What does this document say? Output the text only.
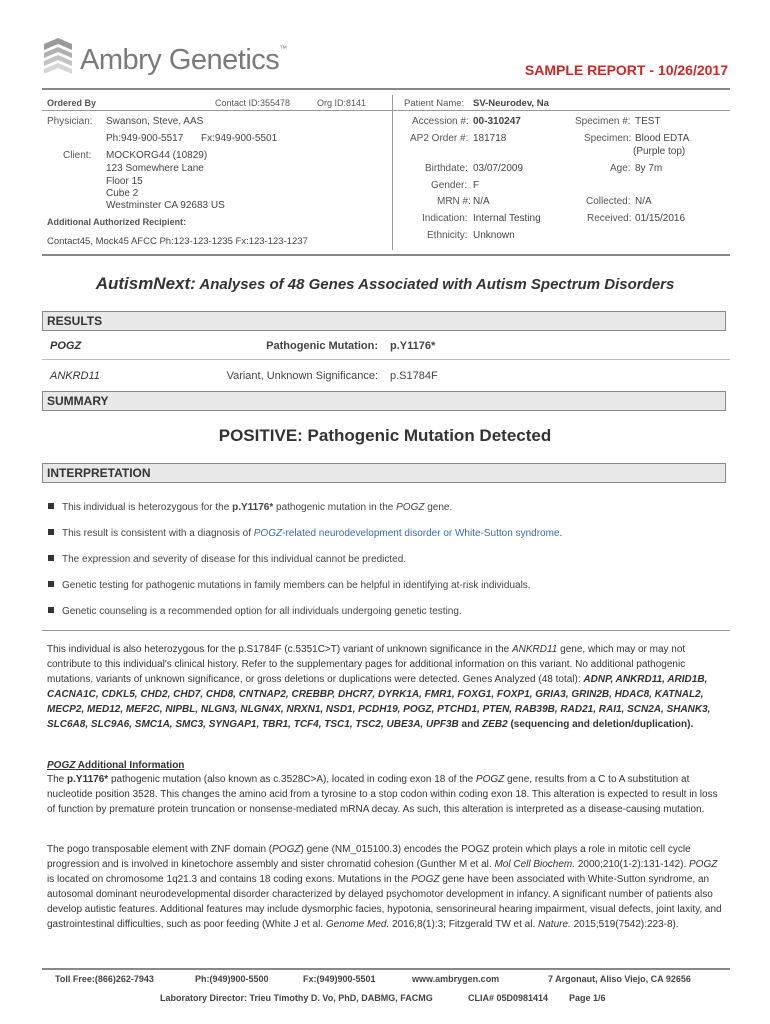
Ambry Genetics™
SAMPLE REPORT - 10/26/2017
Ordered By	Contact ID:355478	Org ID:8141
Physician: Swanson, Steve, AAS
Ph:949-900-5517 Fx:949-900-5501
Client: MOCKORG44 (10829)
123 Somewhere Lane
Floor 15
Cube 2
Westminster CA 92683 US
Additional Authorized Recipient:
Contact45, Mock45 AFCC Ph:123-123-1235 Fx:123-123-1237
Patient Name: SV-Neurodev, Na
Accession #: 00-310247	Specimen #: TEST
AP2 Order #: 181718	Specimen: Blood EDTA
(Purple top)
Birthdate: 03/07/2009	Age: 8y 7m
Gender: F
MRN #: N/A	Collected: N/A
Indication: Internal Testing	Received: 01/15/2016
Ethnicity: Unknown
AutismNext: Analyses of 48 Genes Associated with Autism Spectrum Disorders
RESULTS
POGZ	Pathogenic Mutation: p.Y1176*
ANKRD11	Variant, Unknown Significance: p.S1784F
SUMMARY
POSITIVE: Pathogenic Mutation Detected
INTERPRETATION
This individual is heterozygous for the p.Y1176* pathogenic mutation in the POGZ gene.
This result is consistent with a diagnosis of POGZ-related neurodevelopment disorder or White-Sutton syndrome.
The expression and severity of disease for this individual cannot be predicted.
Genetic testing for pathogenic mutations in family members can be helpful in identifying at-risk individuals.
Genetic counseling is a recommended option for all individuals undergoing genetic testing.
This individual is also heterozygous for the p.S1784F (c.5351C>T) variant of unknown significance in the ANKRD11 gene, which may or may not contribute to this individual's clinical history. Refer to the supplementary pages for additional information on this variant. No additional pathogenic mutations, variants of unknown significance, or gross deletions or duplications were detected. Genes Analyzed (48 total): ADNP, ANKRD11, ARID1B, CACNA1C, CDKL5, CHD2, CHD7, CHD8, CNTNAP2, CREBBP, DHCR7, DYRK1A, FMR1, FOXG1, FOXP1, GRIA3, GRIN2B, HDAC8, KATNAL2, MECP2, MED12, MEF2C, NIPBL, NLGN3, NLGN4X, NRXN1, NSD1, PCDH19, POGZ, PTCHD1, PTEN, RAB39B, RAD21, RAI1, SCN2A, SHANK3, SLC6A8, SLC9A6, SMC1A, SMC3, SYNGAP1, TBR1, TCF4, TSC1, TSC2, UBE3A, UPF3B and ZEB2 (sequencing and deletion/duplication).
POGZ Additional Information
The p.Y1176* pathogenic mutation (also known as c.3528C>A), located in coding exon 18 of the POGZ gene, results from a C to A substitution at nucleotide position 3528. This changes the amino acid from a tyrosine to a stop codon within coding exon 18. This alteration is expected to result in loss of function by premature protein truncation or nonsense-mediated mRNA decay. As such, this alteration is interpreted as a disease-causing mutation.
The pogo transposable element with ZNF domain (POGZ) gene (NM_015100.3) encodes the POGZ protein which plays a role in mitotic cell cycle progression and is involved in kinetochore assembly and sister chromatid cohesion (Gunther M et al. Mol Cell Biochem. 2000;210(1-2):131-142). POGZ is located on chromosome 1q21.3 and contains 18 coding exons. Mutations in the POGZ gene have been associated with White-Sutton syndrome, an autosomal dominant neurodevelopmental disorder characterized by delayed psychomotor development in infancy. A significant number of patients also develop autistic features. Additional features may include dysmorphic facies, hypotonia, sensorineural hearing impairment, visual defects, joint laxity, and gastrointestinal difficulties, such as poor feeding (White J et al. Genome Med. 2016;8(1):3; Fitzgerald TW et al. Nature. 2015;519(7542):223-8).
Toll Free:(866)262-7943	Ph:(949)900-5500	Fx:(949)900-5501	www.ambrygen.com	7 Argonaut, Aliso Viejo, CA 92656
Laboratory Director: Trieu Timothy D. Vo, PhD, DABMG, FACMG	CLIA# 05D0981414 Page 1/6
